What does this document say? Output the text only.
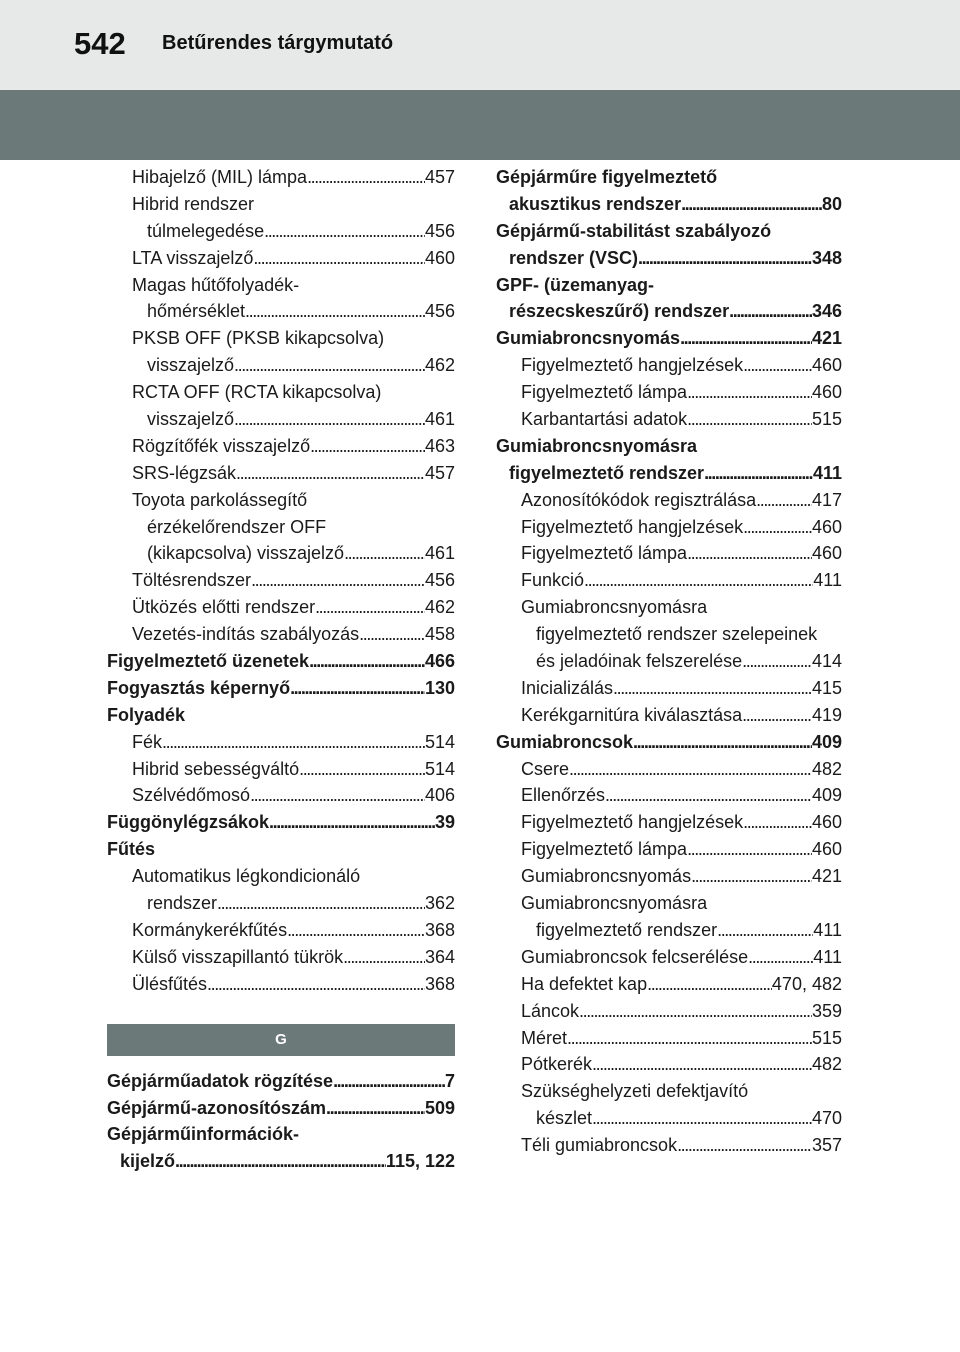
542 Betűrendes tárgymutató
Hibajelző (MIL) lámpa . . .	457
Hibrid rendszer
túlmelegedése . . .	456
LTA visszajelző . . .	460
Magas hűtőfolyadék-
hőmérséklet . . .	456
PKSB OFF (PKSB kikapcsolva)
visszajelző . . .	462
RCTA OFF (RCTA kikapcsolva)
visszajelző . . .	461
Rögzítőfék visszajelző . . .	463
SRS-légzsák . . .	457
Toyota parkolássegítő
érzékelőrendszer OFF
(kikapcsolva) visszajelző . . .	461
Töltésrendszer . . .	456
Ütközés előtti rendszer . . .	462
Vezetés-indítás szabályozás . . .	458
Figyelmeztető üzenetek . . .	466
Fogyasztás képernyő . . .	130
Folyadék
Fék . . .	514
Hibrid sebességváltó . . .	514
Szélvédőmosó . . .	406
Függönylégzsákok . . .	39
Fűtés
Automatikus légkondicionáló
rendszer . . .	362
Kormánykerékfűtés . . .	368
Külső visszapillantó tükrök . . .	364
Ülésfűtés . . .	368
G
Gépjárműadatok rögzítése . . .	7
Gépjármű-azonosítószám . . .	509
Gépjárműinformációk-
kijelző . . .	115, 122
Gépjárműre figyelmeztető
akusztikus rendszer . . .	80
Gépjármű-stabilitást szabályozó
rendszer (VSC) . . .	348
GPF- (üzemanyag-
részecskeszűrő) rendszer . . .	346
Gumiabroncsnyomás . . .	421
Figyelmeztető hangjelzések . . .	460
Figyelmeztető lámpa . . .	460
Karbantartási adatok . . .	515
Gumiabroncsnyomásra
figyelmeztető rendszer . . .	411
Azonosítókódok regisztrálása . . .	417
Figyelmeztető hangjelzések . . .	460
Figyelmeztető lámpa . . .	460
Funkció . . .	411
Gumiabroncsnyomásra
figyelmeztető rendszer szelepeinek
és jeladóinak felszerelése . . .	414
Inicializálás . . .	415
Kerékgarnitúra kiválasztása . . .	419
Gumiabroncsok . . .	409
Csere . . .	482
Ellenőrzés . . .	409
Figyelmeztető hangjelzések . . .	460
Figyelmeztető lámpa . . .	460
Gumiabroncsnyomás . . .	421
Gumiabroncsnyomásra
figyelmeztető rendszer . . .	411
Gumiabroncsok felcserélése . . .	411
Ha defektet kap . . .	470, 482
Láncok . . .	359
Méret . . .	515
Pótkerék . . .	482
Szükséghelyzeti defektjavító
készlet . . .	470
Téli gumiabroncsok . . .	357
